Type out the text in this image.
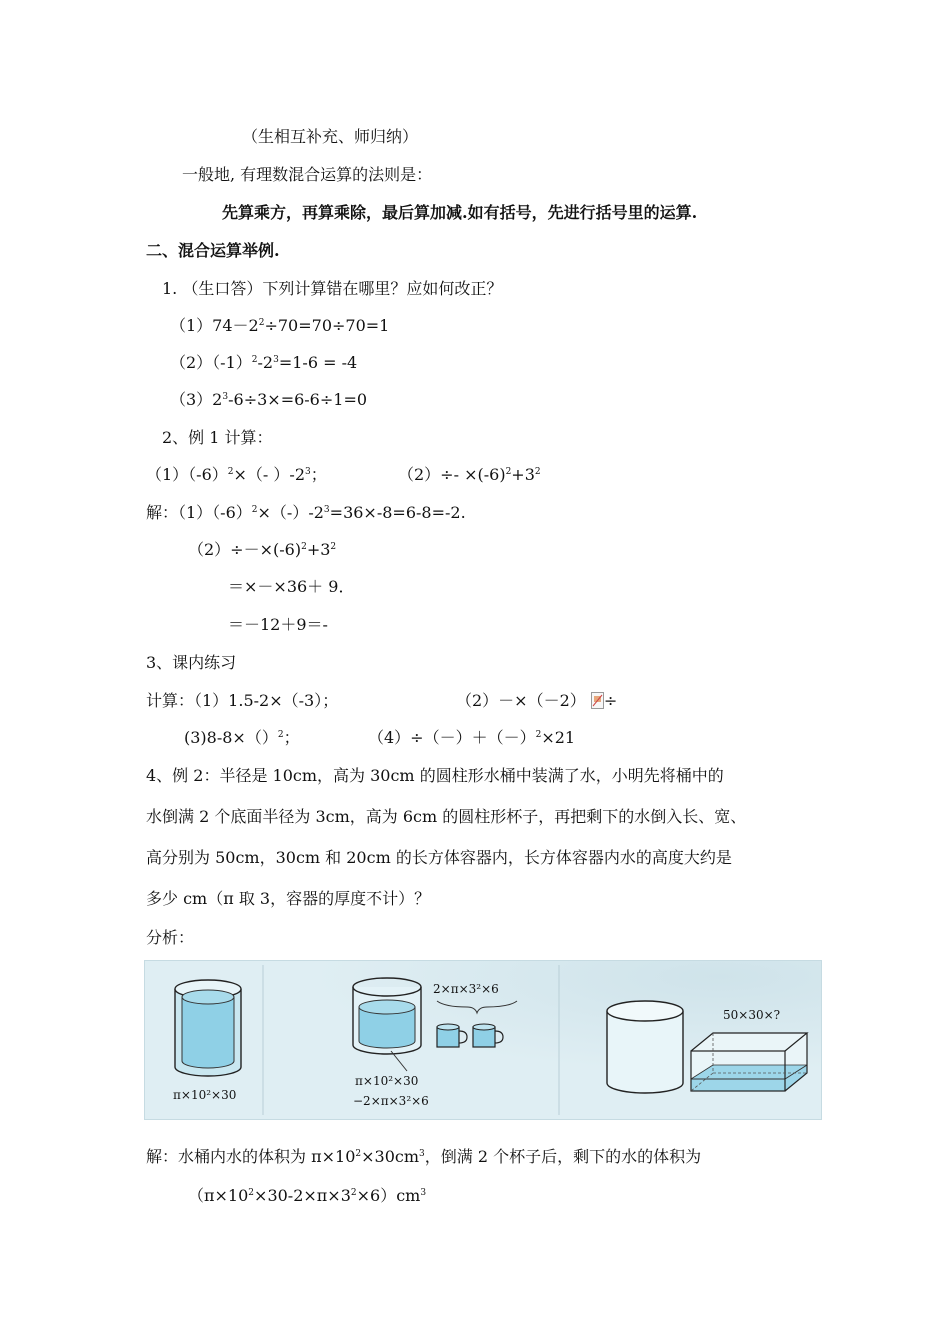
（生相互补充、师归纳）
一般地, 有理数混合运算的法则是：
先算乘方，再算乘除，最后算加减.如有括号，先进行括号里的运算.
二、混合运算举例.
1. （生口答）下列计算错在哪里？应如何改正？
$(1)74-2^2\div 70=70\div 70=1$
$(2)(-1)^2-2^3=1-6 = -4$
$(3)2^3-6\div 3\times=6-6\div 1=0$
2、例 1 计算：
$(1)(-6)^2\times(-$ ）$-2^3$；	$(2)\div- \times(-6)^2+3^2$
解：$(1)(-6)^2\times(-)-2^3=36\times-8=6-8=-2$.
$(2)\div-\times(-6)^2+3^2$
＝×－×36＋ 9．
＝－12＋9＝-
3、课内练习
计算：（1）1.5-2×（-3）；	（2）－×（－2） ÷
(3)8-8×（）$^2$；	$(4)\div(-)+(-)^2\times 21$
4、例 2：半径是 10cm，高为 30cm 的圆柱形水桶中装满了水，小明先将桶中的
水倒满 2 个底面半径为 3cm，高为 6cm 的圆柱形杯子，再把剩下的水倒入长、宽、
高分别为 50cm，30cm 和 20cm 的长方体容器内，长方体容器内水的高度大约是
多少 cm（π 取 3，容器的厚度不计）？
分析：
π×10²×30
π×10²×30
−2×π×3²×6
2×π×3²×6
50×30×?
解：水桶内水的体积为 $\pi\times 10^2\times 30cm^3$，倒满 2 个杯子后，剩下的水的体积为
$(\pi\times 10^2\times 30-2\times\pi\times 3^2\times 6)cm^3$
